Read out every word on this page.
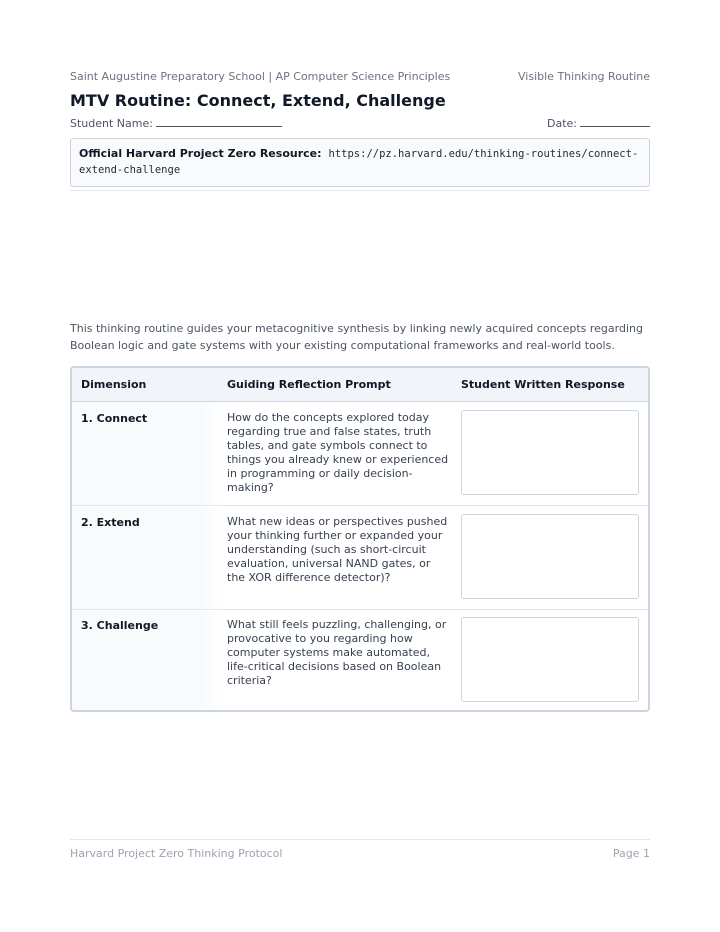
Saint Augustine Preparatory School | AP Computer Science Principles	Visible Thinking Routine
MTV Routine: Connect, Extend, Challenge
Student Name:	Date:
Official Harvard Project Zero Resource: https://pz.harvard.edu/thinking-routines/connect-extend-challenge
This thinking routine guides your metacognitive synthesis by linking newly acquired concepts regarding Boolean logic and gate systems with your existing computational frameworks and real-world tools.
Dimension	Guiding Reflection Prompt	Student Written Response
1. Connect	How do the concepts explored today regarding true and false states, truth tables, and gate symbols connect to things you already knew or experienced in programming or daily decision-making?
2. Extend	What new ideas or perspectives pushed your thinking further or expanded your understanding (such as short-circuit evaluation, universal NAND gates, or the XOR difference detector)?
3. Challenge	What still feels puzzling, challenging, or provocative to you regarding how computer systems make automated, life-critical decisions based on Boolean criteria?
Harvard Project Zero Thinking Protocol	Page 1
